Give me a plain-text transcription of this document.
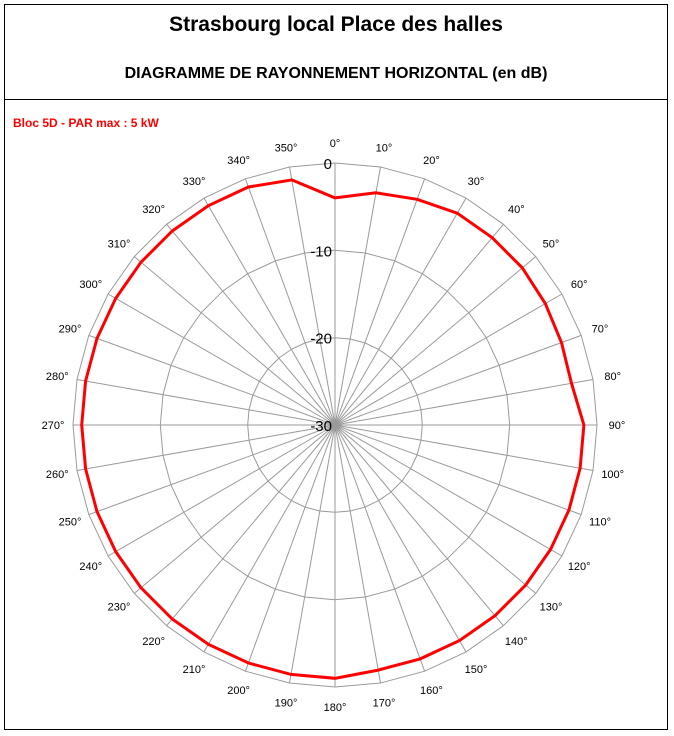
Strasbourg local Place des halles
DIAGRAMME DE RAYONNEMENT HORIZONTAL (en dB)
Bloc 5D - PAR max : 5 kW
0
-10
-20
-30
0°	10°
20°
30°
40°
50°
60°
70°
80°
90°
100°
110°
120°
130°
140°
150°
160°
170°
180°
190°
200°
210°
220°
230°
240°
250°
260°
270°
280°
290°
300°
310°
320°
330°
340°
350°
